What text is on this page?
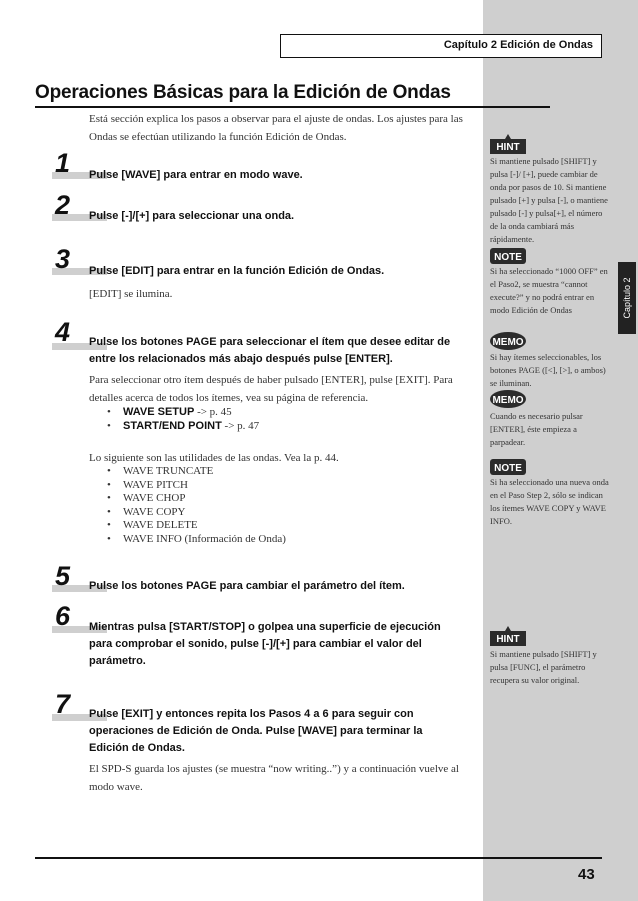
Capítulo 2 Edición de Ondas
Capítulo 2
Operaciones Básicas para la Edición de Ondas
Está sección explica los pasos a observar para el ajuste de ondas. Los ajustes para las Ondas se efectúan utilizando la función Edición de Ondas.
1 Pulse [WAVE] para entrar en modo wave.
2 Pulse [-]/[+] para seleccionar una onda.
3 Pulse [EDIT] para entrar en la función Edición de Ondas.
[EDIT] se ilumina.
4 Pulse los botones PAGE para seleccionar el ítem que desee editar de entre los relacionados más abajo después pulse [ENTER].
Para seleccionar otro ítem después de haber pulsado [ENTER], pulse [EXIT]. Para detalles acerca de todos los ítemes, vea su página de referencia.
• WAVE SETUP -> p. 45
• START/END POINT -> p. 47
Lo siguiente son las utilidades de las ondas. Vea la p. 44.
• WAVE TRUNCATE
• WAVE PITCH
• WAVE CHOP
• WAVE COPY
• WAVE DELETE
• WAVE INFO (Información de Onda)
5 Pulse los botones PAGE para cambiar el parámetro del ítem.
6 Mientras pulsa [START/STOP] o golpea una superficie de ejecución para comprobar el sonido, pulse [-]/[+] para cambiar el valor del parámetro.
7 Pulse [EXIT] y entonces repita los Pasos 4 a 6 para seguir con operaciones de Edición de Onda. Pulse [WAVE] para terminar la Edición de Ondas.
El SPD-S guarda los ajustes (se muestra “now writing..”) y a continuación vuelve al modo wave.
HINT
Si mantiene pulsado [SHIFT] y pulsa [-]/ [+], puede cambiar de onda por pasos de 10. Si mantiene pulsado [+] y pulsa [-], o mantiene pulsado [-] y pulsa[+], el número de la onda cambiará más rápidamente.
NOTE
Si ha seleccionado “1000 OFF” en el Paso2, se muestra “cannot execute?” y no podrá entrar en modo Edición de Ondas
MEMO
Si hay ítemes seleccionables, los botones PAGE ([<], [>], o ambos) se iluminan.
MEMO
Cuando es necesario pulsar [ENTER], éste empieza a parpadear.
NOTE
Si ha seleccionado una nueva onda en el Paso Step 2, sólo se indican los ítemes WAVE COPY y WAVE INFO.
HINT
Si mantiene pulsado [SHIFT] y pulsa [FUNC], el parámetro recupera su valor original.
43
